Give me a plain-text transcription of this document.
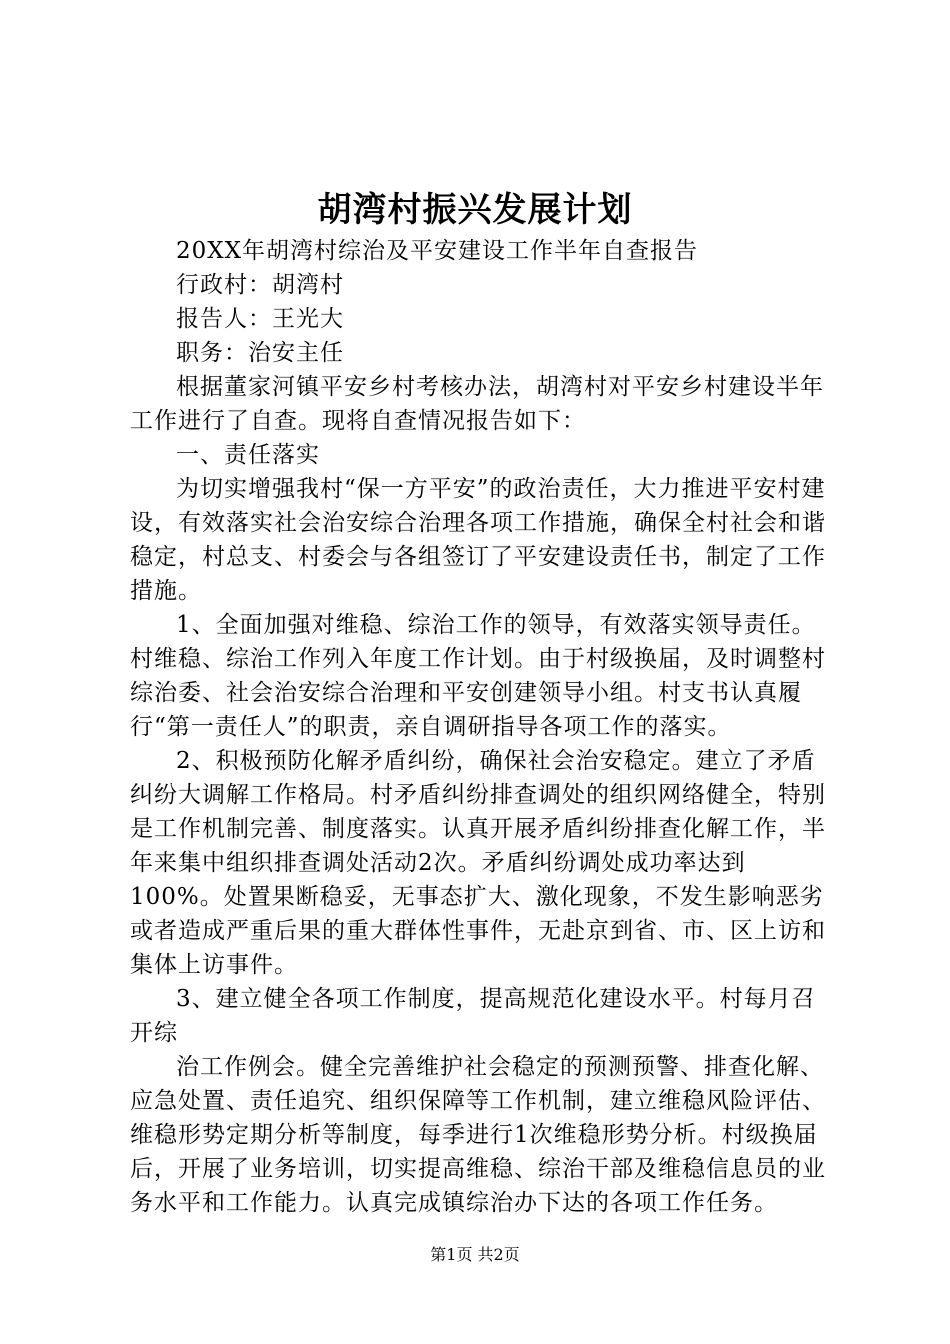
胡湾村振兴发展计划

20XX年胡湾村综治及平安建设工作半年自查报告

行政村：胡湾村

报告人：王光大

职务：治安主任

根据董家河镇平安乡村考核办法，胡湾村对平安乡村建设半年工作进行了自查。现将自查情况报告如下：

一、责任落实

为切实增强我村“保一方平安”的政治责任，大力推进平安村建设，有效落实社会治安综合治理各项工作措施，确保全村社会和谐稳定，村总支、村委会与各组签订了平安建设责任书，制定了工作措施。

1、全面加强对维稳、综治工作的领导，有效落实领导责任。村维稳、综治工作列入年度工作计划。由于村级换届，及时调整村综治委、社会治安综合治理和平安创建领导小组。村支书认真履行“第一责任人”的职责，亲自调研指导各项工作的落实。

2、积极预防化解矛盾纠纷，确保社会治安稳定。建立了矛盾纠纷大调解工作格局。村矛盾纠纷排查调处的组织网络健全，特别是工作机制完善、制度落实。认真开展矛盾纠纷排查化解工作，半年来集中组织排查调处活动2次。矛盾纠纷调处成功率达到100%。处置果断稳妥，无事态扩大、激化现象，不发生影响恶劣或者造成严重后果的重大群体性事件，无赴京到省、市、区上访和集体上访事件。

3、建立健全各项工作制度，提高规范化建设水平。村每月召开综

治工作例会。健全完善维护社会稳定的预测预警、排查化解、应急处置、责任追究、组织保障等工作机制，建立维稳风险评估、维稳形势定期分析等制度，每季进行1次维稳形势分析。村级换届后，开展了业务培训，切实提高维稳、综治干部及维稳信息员的业务水平和工作能力。认真完成镇综治办下达的各项工作任务。

第1页 共2页
